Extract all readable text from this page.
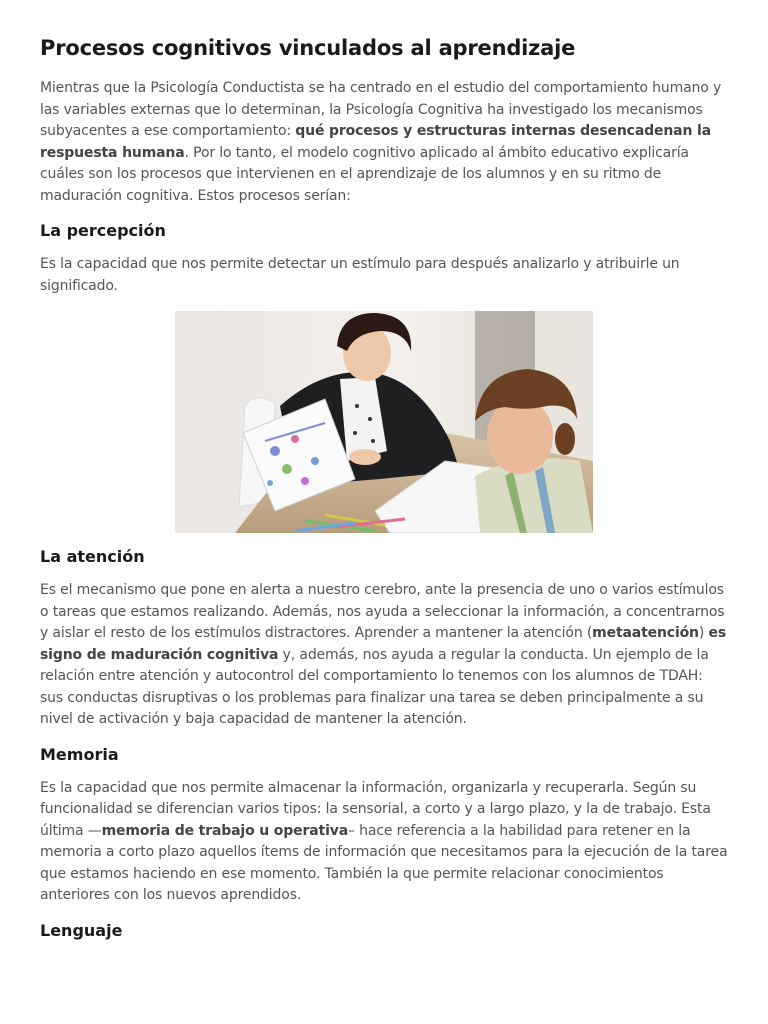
Procesos cognitivos vinculados al aprendizaje

Mientras que la Psicología Conductista se ha centrado en el estudio del comportamiento humano y las variables externas que lo determinan, la Psicología Cognitiva ha investigado los mecanismos subyacentes a ese comportamiento: qué procesos y estructuras internas desencadenan la respuesta humana. Por lo tanto, el modelo cognitivo aplicado al ámbito educativo explicaría cuáles son los procesos que intervienen en el aprendizaje de los alumnos y en su ritmo de maduración cognitiva. Estos procesos serían:

La percepción

Es la capacidad que nos permite detectar un estímulo para después analizarlo y atribuirle un significado.

La atención

Es el mecanismo que pone en alerta a nuestro cerebro, ante la presencia de uno o varios estímulos o tareas que estamos realizando. Además, nos ayuda a seleccionar la información, a concentrarnos y aislar el resto de los estímulos distractores. Aprender a mantener la atención (metaatención) es signo de maduración cognitiva y, además, nos ayuda a regular la conducta. Un ejemplo de la relación entre atención y autocontrol del comportamiento lo tenemos con los alumnos de TDAH: sus conductas disruptivas o los problemas para finalizar una tarea se deben principalmente a su nivel de activación y baja capacidad de mantener la atención.

Memoria

Es la capacidad que nos permite almacenar la información, organizarla y recuperarla. Según su funcionalidad se diferencian varios tipos: la sensorial, a corto y a largo plazo, y la de trabajo. Esta última —memoria de trabajo u operativa– hace referencia a la habilidad para retener en la memoria a corto plazo aquellos ítems de información que necesitamos para la ejecución de la tarea que estamos haciendo en ese momento. También la que permite relacionar conocimientos anteriores con los nuevos aprendidos.

Lenguaje
